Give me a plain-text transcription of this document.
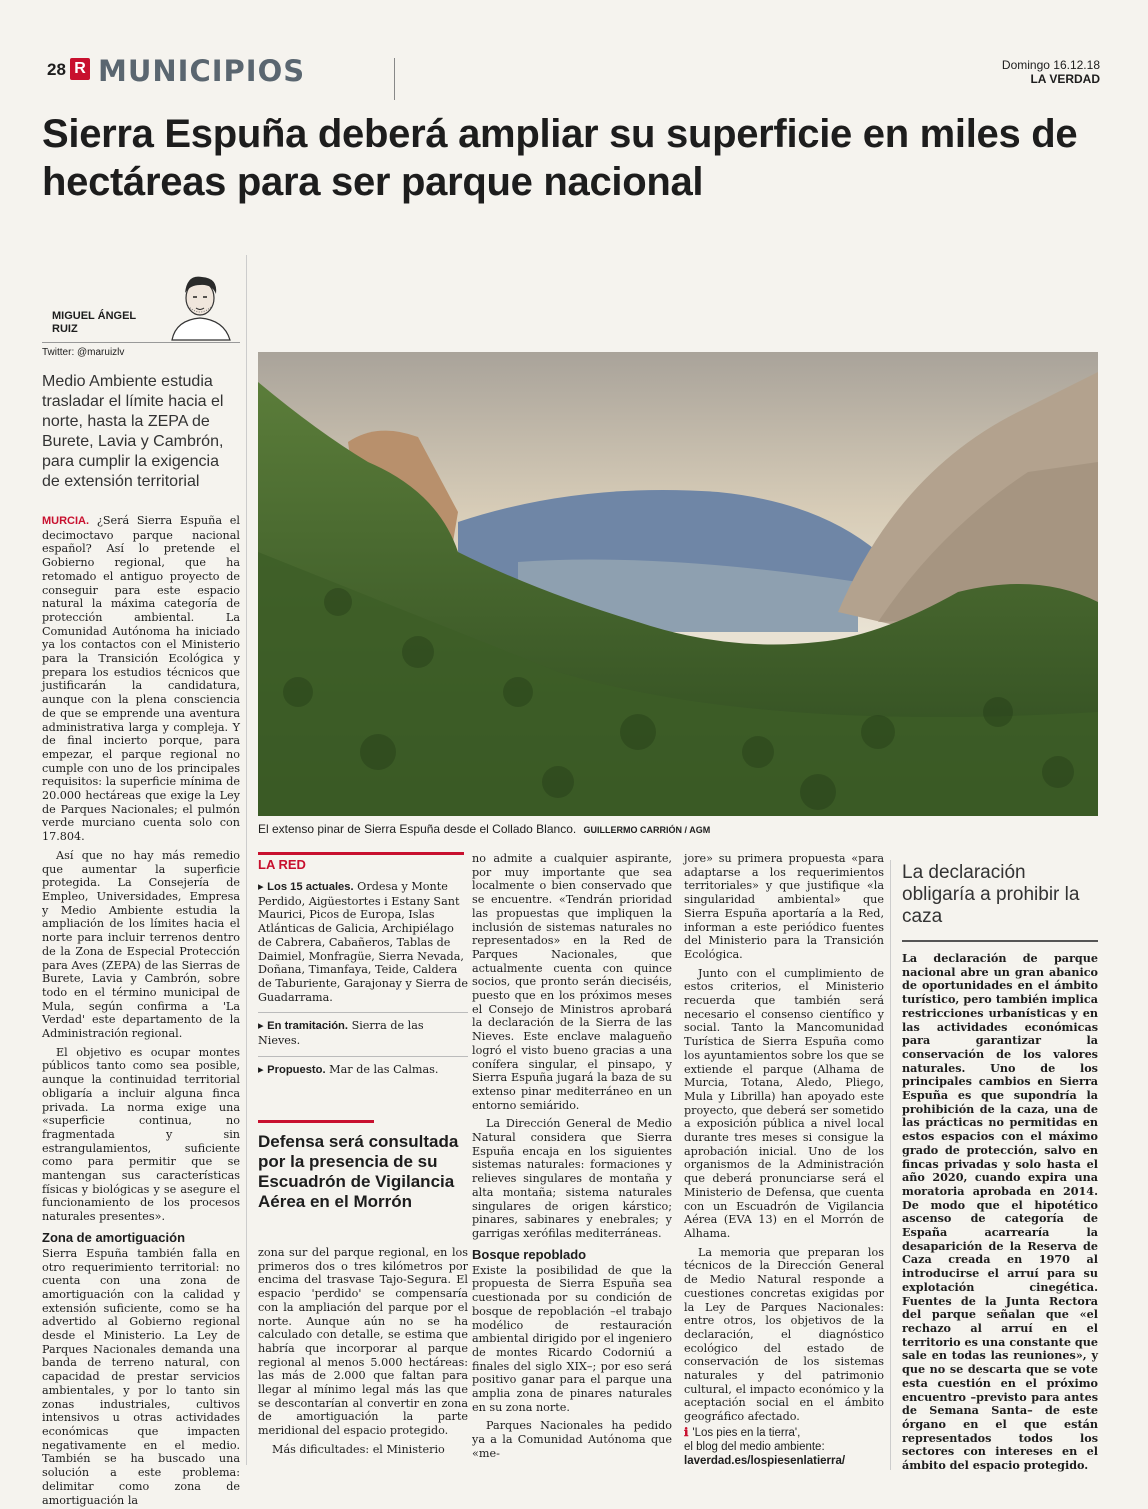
28 R MUNICIPIOS	Domingo 16.12.18
LA VERDAD
Sierra Espuña deberá ampliar su superficie en miles de hectáreas para ser parque nacional
MIGUEL ÁNGEL
RUIZ
Twitter: @maruizlv
Medio Ambiente estudia trasladar el límite hacia el norte, hasta la ZEPA de Burete, Lavia y Cambrón, para cumplir la exigencia de extensión territorial
El extenso pinar de Sierra Espuña desde el Collado Blanco. GUILLERMO CARRIÓN / AGM

MURCIA. ¿Será Sierra Espuña el decimoctavo parque nacional español? Así lo pretende el Gobierno regional, que ha retomado el antiguo proyecto de conseguir para este espacio natural la máxima categoría de protección ambiental. La Comunidad Autónoma ha iniciado ya los contactos con el Ministerio para la Transición Ecológica y prepara los estudios técnicos que justificarán la candidatura, aunque con la plena consciencia de que se emprende una aventura administrativa larga y compleja. Y de final incierto porque, para empezar, el parque regional no cumple con uno de los principales requisitos: la superficie mínima de 20.000 hectáreas que exige la Ley de Parques Nacionales; el pulmón verde murciano cuenta solo con 17.804.

Así que no hay más remedio que aumentar la superficie protegida. La Consejería de Empleo, Universidades, Empresa y Medio Ambiente estudia la ampliación de los límites hacia el norte para incluir terrenos dentro de la Zona de Especial Protección para Aves (ZEPA) de las Sierras de Burete, Lavia y Cambrón, sobre todo en el término municipal de Mula, según confirma a 'La Verdad' este departamento de la Administración regional.

El objetivo es ocupar montes públicos tanto como sea posible, aunque la continuidad territorial obligaría a incluir alguna finca privada. La norma exige una «superficie continua, no fragmentada y sin estrangulamientos, suficiente como para permitir que se mantengan sus características físicas y biológicas y se asegure el funcionamiento de los procesos naturales presentes».

Zona de amortiguación

Sierra Espuña también falla en otro requerimiento territorial: no cuenta con una zona de amortiguación con la calidad y extensión suficiente, como se ha advertido al Gobierno regional desde el Ministerio. La Ley de Parques Nacionales demanda una banda de terreno natural, con capacidad de prestar servicios ambientales, y por lo tanto sin zonas industriales, cultivos intensivos u otras actividades económicas que impacten negativamente en el medio. También se ha buscado una solución a este problema: delimitar como zona de amortiguación la

LA RED
▸ Los 15 actuales. Ordesa y Monte Perdido, Aigüestortes i Estany Sant Maurici, Picos de Europa, Islas Atlánticas de Galicia, Archipiélago de Cabrera, Cabañeros, Tablas de Daimiel, Monfragüe, Sierra Nevada, Doñana, Timanfaya, Teide, Caldera de Taburiente, Garajonay y Sierra de Guadarrama.
▸ En tramitación. Sierra de las Nieves.
▸ Propuesto. Mar de las Calmas.
Defensa será consultada por la presencia de su Escuadrón de Vigilancia Aérea en el Morrón

zona sur del parque regional, en los primeros dos o tres kilómetros por encima del trasvase Tajo-Segura. El espacio 'perdido' se compensaría con la ampliación del parque por el norte. Aunque aún no se ha calculado con detalle, se estima que habría que incorporar al parque regional al menos 5.000 hectáreas: las más de 2.000 que faltan para llegar al mínimo legal más las que se descontarían al convertir en zona de amortiguación la parte meridional del espacio protegido.

Más dificultades: el Ministerio

no admite a cualquier aspirante, por muy importante que sea localmente o bien conservado que se encuentre. «Tendrán prioridad las propuestas que impliquen la inclusión de sistemas naturales no representados» en la Red de Parques Nacionales, que actualmente cuenta con quince socios, que pronto serán dieciséis, puesto que en los próximos meses el Consejo de Ministros aprobará la declaración de la Sierra de las Nieves. Este enclave malagueño logró el visto bueno gracias a una conífera singular, el pinsapo, y Sierra Espuña jugará la baza de su extenso pinar mediterráneo en un entorno semiárido.

La Dirección General de Medio Natural considera que Sierra Espuña encaja en los siguientes sistemas naturales: formaciones y relieves singulares de montaña y alta montaña; sistema naturales singulares de origen kárstico; pinares, sabinares y enebrales; y garrigas xerófilas mediterráneas.

Bosque repoblado

Existe la posibilidad de que la propuesta de Sierra Espuña sea cuestionada por su condición de bosque de repoblación –el trabajo modélico de restauración ambiental dirigido por el ingeniero de montes Ricardo Codorniú a finales del siglo XIX–; por eso será positivo ganar para el parque una amplia zona de pinares naturales en su zona norte.

Parques Nacionales ha pedido ya a la Comunidad Autónoma que «me-

jore» su primera propuesta «para adaptarse a los requerimientos territoriales» y que justifique «la singularidad ambiental» que Sierra Espuña aportaría a la Red, informan a este periódico fuentes del Ministerio para la Transición Ecológica.

Junto con el cumplimiento de estos criterios, el Ministerio recuerda que también será necesario el consenso científico y social. Tanto la Mancomunidad Turística de Sierra Espuña como los ayuntamientos sobre los que se extiende el parque (Alhama de Murcia, Totana, Aledo, Pliego, Mula y Librilla) han apoyado este proyecto, que deberá ser sometido a exposición pública a nivel local durante tres meses si consigue la aprobación inicial. Uno de los organismos de la Administración que deberá pronunciarse será el Ministerio de Defensa, que cuenta con un Escuadrón de Vigilancia Aérea (EVA 13) en el Morrón de Alhama.

La memoria que preparan los técnicos de la Dirección General de Medio Natural responde a cuestiones concretas exigidas por la Ley de Parques Nacionales: entre otros, los objetivos de la declaración, el diagnóstico ecológico del estado de conservación de los sistemas naturales y del patrimonio cultural, el impacto económico y la aceptación social en el ámbito geográfico afectado.

ℹ 'Los pies en la tierra',
el blog del medio ambiente:
laverdad.es/lospiesenlatierra/
La declaración obligaría a prohibir la caza
La declaración de parque nacional abre un gran abanico de oportunidades en el ámbito turístico, pero también implica restricciones urbanísticas y en las actividades económicas para garantizar la conservación de los valores naturales. Uno de los principales cambios en Sierra Espuña es que supondría la prohibición de la caza, una de las prácticas no permitidas en estos espacios con el máximo grado de protección, salvo en fincas privadas y solo hasta el año 2020, cuando expira una moratoria aprobada en 2014. De modo que el hipotético ascenso de categoría de España acarrearía la desaparición de la Reserva de Caza creada en 1970 al introducirse el arruí para su explotación cinegética. Fuentes de la Junta Rectora del parque señalan que «el rechazo al arruí en el territorio es una constante que sale en todas las reuniones», y que no se descarta que se vote esta cuestión en el próximo encuentro –previsto para antes de Semana Santa– de este órgano en el que están representados todos los sectores con intereses en el ámbito del espacio protegido.
